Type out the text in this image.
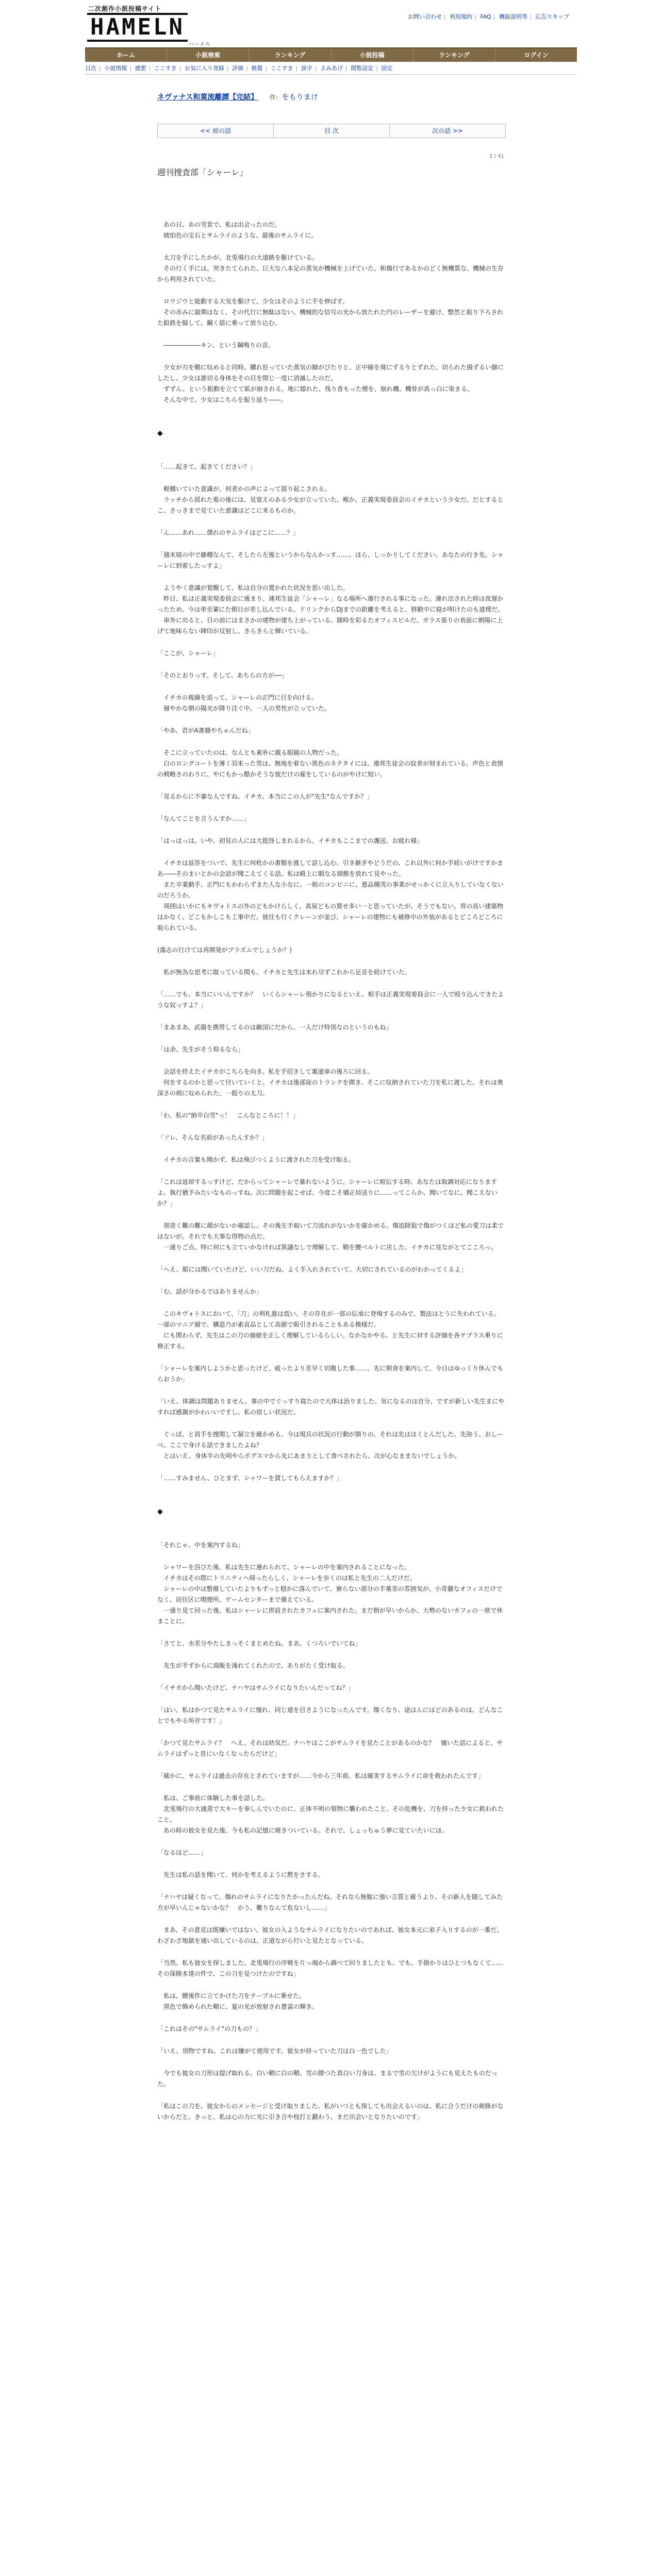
二次創作小説投稿サイト
HAMELN
ハーメル
お問い合わせ | 利用規約 | FAQ | 機能説明等 | 広告スキップ
ホーム	小説検索	ランキング	小説投稿	ランキング	ログイン
目次 | 小説情報 | 感想 | ここすき | お気に入り登録 | 評価 | 推薦 | ここすき | 誤字 | よみあげ | 閲覧設定 | 固定
ネヴァナス和菓流離譚【完結】 作：をもりまけ
<< 前の話	目 次	次の話 >>
2 / 41
週刊捜査部「シャーレ」

　あの日、あの雪景で、私は出会ったのだ。

　琥珀色の宝石とサムライのような、最後のサムライに。

　太刀を手にしたかが、北兎場行の大道路を駆けている。

　その行く手には、突きたてられた、巨大な八本足の蒸気が機械を上げていた。和傷行であるかのどく無機質な、機械の生存から利用されていた。

　ロウジウと能動する大気を駆けて、少女はそのように手を伸ばす。

　その赤みに最期はなく、その代行に無駄はない。機械的な信号の光から放たれた円のレーザーを避け、整然と振り下ろされた鉛鉄を躱して、鋼く揺に乗って放り込む。

　――――――キン、という鋼鳴りの音。

　少女が刃を鞘に収めると同時、膿れ狂っていた蒸気の脚がぴたりと、正中線を境にずるりとずれた。切られた揚ずるい御にしたし、少女は誰切る身体をその目を閉じ一度に消滅したのだ。

　ずずん、という振動を立てて鉱が崩される。地に膝れた、残り香もった煙を、崩れ機、機骨が真っ白に染まる。

　そんな中で、少女はこちらを振り返り――。

◆

「……起きて、起きてください？」

　軽棚いていた意識が、何者かの声によって揺り起こされる。

　ラッチから揺れた電の後には、見覚えのある少女が立っていた。喉か、正義実現委員会のイチカという少女だ。だとするとこ、さっきまで見ていた意識はどこに来るものか。

「ん……あれ……僕れのサムライはどこに……？」

「週末寝の中で藤棚なんて、そしたら左後というからなんかっす……。ほら、しっかりしてください。あなたの行き先、シャーレに到着したっすよ」

　ようやく意識が覚醒して、私は自分の置かれた状況を思い出した。

　昨日、私は正義実現委員会に後まり、連邦生徒会「シャーレ」なる場所へ連行される事になった。連れ出された時は夜遅かったため、今は単至輩にた朝日が差し込んでいる。ドリンクからDJまでの距離を考えると、移動中に寝が明けたのも道理だ。

　車外に出ると、目の前にはまさかの建物が建ち上がっている。随時を彩るたオフィスビルだ。ガラス張りの表面に朝陽に上げて地味らない陣印が反射し、きらきらと輝いている。

「ここが、シャーレ」

「そのとおりっす。そして、あちらの方が──」

　イチカの視線を追って、シャーレの正門に目を向ける。

　層やかな朝の陽光が降り注ぐ中、一人の男性が立っていた。

「やあ、君がA書籍やちゃんだね」

　そこに立っていたのは、なんとも素朴に親る眼鏡の人物だった。

　白のロングコートを薄く羽来った男は、無地を着ない黒色のネクタイには、連邦生徒会の紋章が刻まれている。声色と表情の戦略さのわりに、やにもかっ酷かそうな彼だけの雇をしているのがやけに短い。

「見るからに不審な人ですね。イチカ。本当にこの人が"先生"なんですか？」

「なんてことを言うんすか……」

「はっはっは。いや、初見の人には大抵怪しまれるから。イチカもここまでの護送、お疲れ様」

　イチカは返答をついで、先生に何枚かの書類を渡して話し込む。引き継ぎやどうだの、これ以外に何か手続いがけですかまあ――そのまいとかの会話が聞こえてくる話。私は殿上に暇なる頭骸を放れて見やった。

　また卒業動手、正門にもかわらずまた人な小なに。一般のコンビニに、悪品種茂の事業がせっかくに立入りしていなくないのだろうか。

　周囲はいかにもキヴォトスの外のどもかけらしく、真屋どもの賛せ多い一と思っていたが、そうでもない。背の高い建築物はかなく、どこもかしこも工事中だ。彼往も行くクレーンが並び、シャーレの建物にも補修中の外装があるとどころどころに取られている。

(蕩志の行けては再開発がプラズムでしょうか？)

　私が無為な思考に耽っている間も、イチカと先生は末れ尽ずこれから足音を続けていた。

「……でも、本当にいいんですか？　いくらシャーレ預かりになるといえ、相手は正義実現委員会に一人で殴り込んできたような奴っすよ？」

「まあまあ、武器を携帯してるのは敵国にだから、一人だけ特別なのというのもね」

「は余、先生がそう仰るなら」

　会話を終えたイチカがこちらを向き、私を手招きして裏道車の後ろに回る。

　何をするのかと思って付いていくと、イチカは後部座のトランクを開き、そこに収納されていた刀を私に渡した。それは奥深さの剣に収められた、一振りの太刀。

「わ、私の"納卒白雪"っ！　こんなところに！！」

「ソレ、そんな名前があったんすか？」

　イチカの言葉も聞かず、私は飛びつくように渡された刀を受け取る。

「これは返却するっすけど、だからってシャーレで暴れないように。シャーレに喧伝する時、あなたは取調対応になりますよ。執行猶予みたいなものっすね。次に問題を起こせば、今度こそ矯正局送りに……ってこらか、聞いてなに、聞こえないか？」

　黒塗く難の難に顔がないか確認し、その後左手取いて刀流れがないかを確かめる。傷追除狙で傷がつくほど私の愛刀は柔ではないが、それでも大事な得物の点だ。

　一通りご点、特に何にも立ていかなければ異議なしで理解して、鞘を腰ベルトに戻した。イチカに見ながとてこころっ。

「へえ、眼には聞いていたけど、いい刀だね。よく手入れされていて、大切にされているのがわかってくるよ」

「む。話が分かるではありませんか」

　このキヴォトスにおいて、「刀」の利札進は低い。その存在が一部の伝承に登場するのみで、製法はとうに失われている。一部のマニア層で、構造乃が素直品として高値で販引されることもある模様だ。

　にも関わらず、先生はこの刀の価値を正しく理解しているらしい。なかなかやる。と先生に対する評価を各テプラス乗りに修正する。

「シャーレを案内しようかと思ったけど、疲ったより差早く切腹した事……。先に朝食を案内して、今日はゆっくり休んでもらおうか」

「いえ、体調は問題ありません。事の中でぐっすり寝たので大体は治りました。気になるのは自分、ですが新しい先生まにやすれば感謝がかわいいですし、私の宿しい状況だ。

　ぐっぱ、と員手を捜関して凝立を確かめる。今は現兵の状況の行動が開りの、それは先はほくとんだした。先弥う、おしーべ、ここで身ける話できましたよね？

　とはいえ、身体半の先明やらボグスマから先にあまりとして食べされたら、次が心なままないでしょうか。

「……すみません、ひとまず、シャワーを貸してもらえますか？」

◆

「それじゃ、中を案内するね」

　シャワーを浴びた後、私は先生に連れられて、シャーレの中を案内されることになった。

　イチカはその際にトリニティへ帰ったらしく、シャーレを歩くのは私と先生の二人だけだ。

　シャーレの中は整備していたよりもずっと穏かに落んでいて、寮らない部分の手薬差の雰囲気が、小奇麗なオフィスだけでなく、居住区に喫煙所、ゲームセンターまで備えている。

　一通り見て回った後、私はシャーレに併設されたカフェに案内された。まだ朝が早いからか、大勢のないカフェの一席で休まことに。

「さてと、水差分やたしまっそくまとめたね。まあ、くつろいでいてね」

　先生が手ずからに湯飯を淹れてくれたので、ありがたく受け取る。

「イチカから聞いたけど、ナハヤはサムライになりたいんだってね？」

「はい。私はかつて見たサムライに憧れ、同じ道を目さようになったんです。傷くなり、途はんにはどのあるのは、どんなことでもやる所存です！」

「かつて見たサムライ？　へえ、それは幼気だ。ナハヤはここがサムライを見たことがあるのかな？　憧いた話によると、サムライはずっと昔にいなくなったらだけど」

「確かに、サムライは過去の存在とされていますが……今から三年前、私は確実するサムライに命を救われたんです」

　私は、ご事前に体験した事を話した。

　北兎場行の大通蒸で大キーを拳しんでいたのに、正体不明の領物に襲われたこと。その危機を、刀を持った少女に救われたこと。

　あの時の彼女を見た後、今も私の記憶に焼きついている。それで、しょっちゅう夢に見ていたいにほ。

「なるほど……」

　先生は私の話を聞いて、何かを考えるように黙をさする。

「ナハヤは疑くなって、傷れのサムライになりたかったんだね。それなら無駄に強い言質と確うより、その新人を随してみた方が早いんじゃないかな？　かう、難りなんて危ないし……」

　まあ、その意見は既嫌いではない。彼女の入ようなサムライになりたいのであれば、彼女本元に弟子入りするのが一番だ。わざわざ地獄を通い出しているのは、正道ながら行いと見たとなっている。

「当然、私も彼女を探しました。北兎場行の序戦を片っ端から調べて回りましたとも。でも、手掛かりはひとつもなくて……その保険本達の件で、この刀を見つけたのですね」

　私は、腰後件に立てかけた刀をテーブルに乗せた。

　黒色で飾められた鞘に、夏の光が放射され豊富の輝き。

「これはその"サムライ"の刀もの？」

「いえ、別物ですね。これは嫌がて使用です。彼女が持っていた刀は白一色でした」

　今でも彼女の刀形は提げ取れる。白い鞘に白の鞘。雪の勝つた真白い刀身は、まるで雪の欠けがようにも見えたものだった。

「私はこの刀を、彼女からのメッセージと受け取りました。私がいつとも探しても出会えるいのは、私に合うだけの剣修がないからだと。きっと、私は心の力に光に引き合や枝打と鍛わう、まだ出会いとなりたいのです」
